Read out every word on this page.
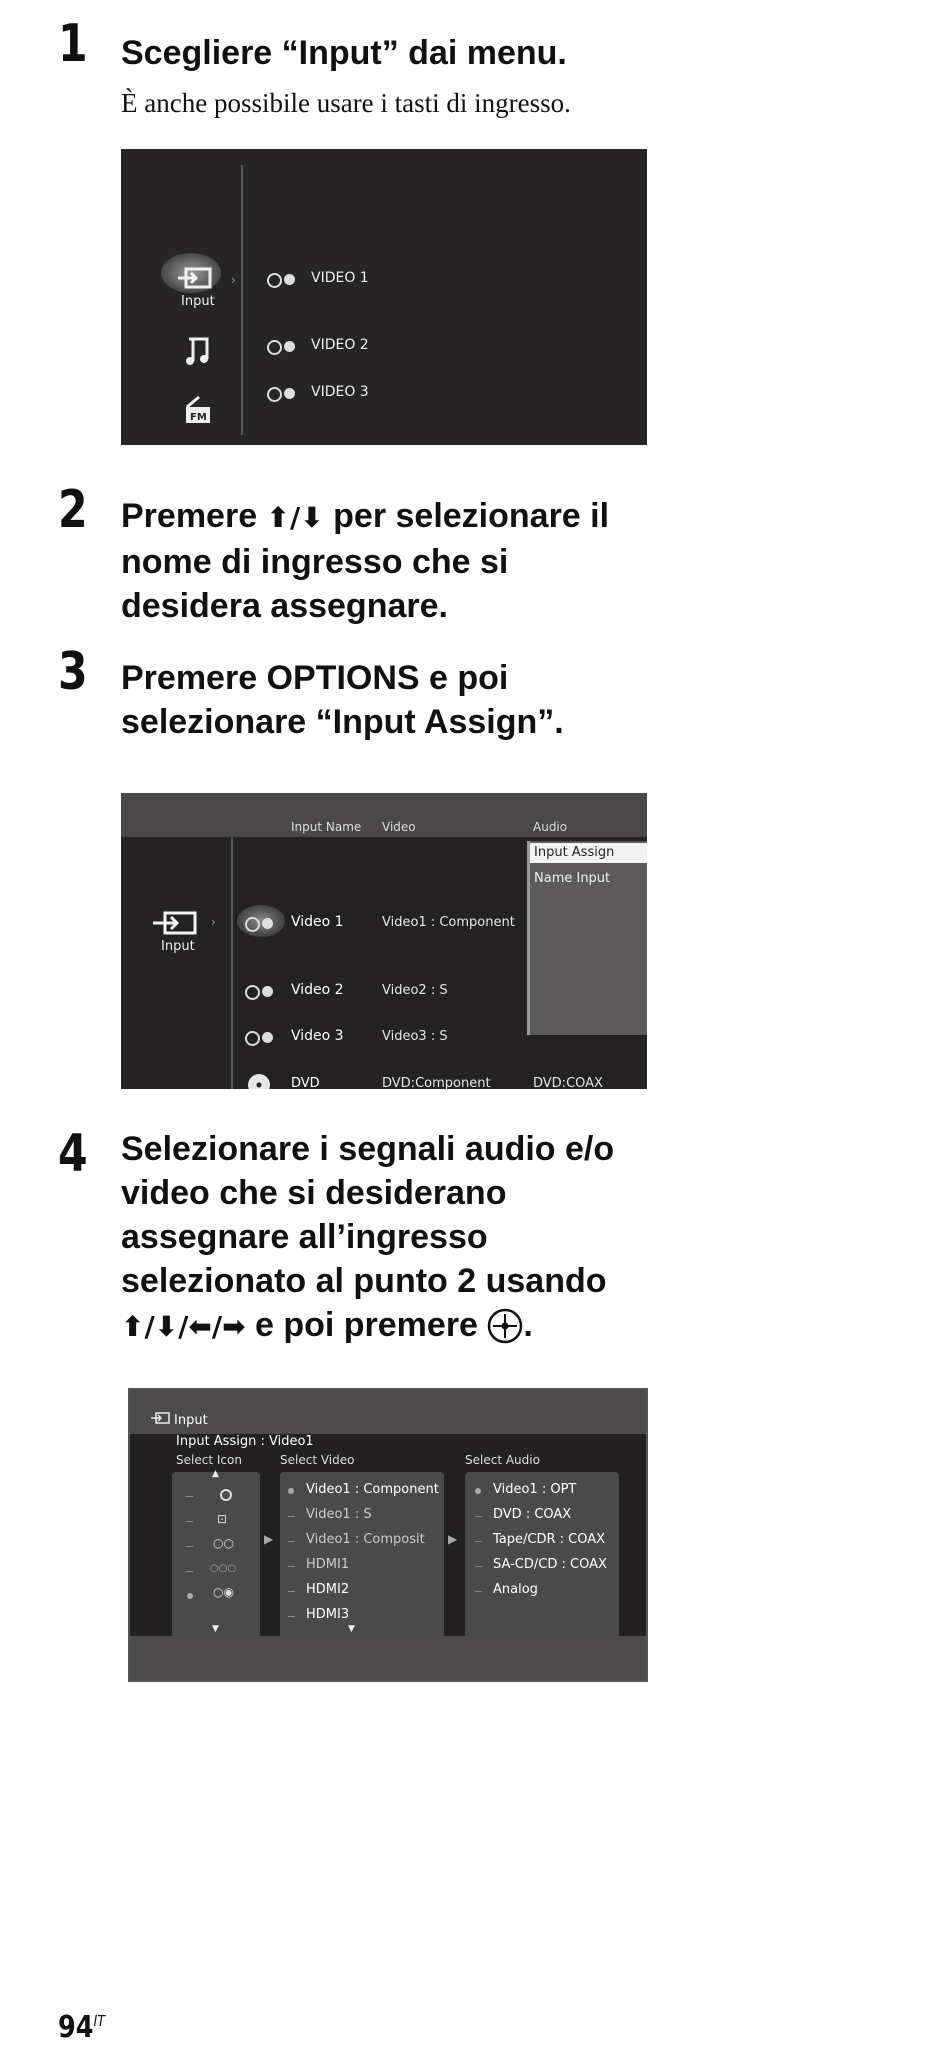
1 Scegliere “Input” dai menu.
È anche possibile usare i tasti di ingresso.
Input
›
FM
VIDEO 1
VIDEO 2
VIDEO 3
2 Premere ⬆/⬇ per selezionare il
nome di ingresso che si
desidera assegnare.
3 Premere OPTIONS e poi
selezionare “Input Assign”.
Input Name Video	Audio
Input
›	Video 1	Video1 : Component
Video 2	Video2 : S
Video 3	Video3 : S
DVD	DVD:Component	DVD:COAX
Input Assign
Name Input
4 Selezionare i segnali audio e/o
video che si desiderano
assegnare all’ingresso
selezionato al punto 2 usando
⬆/⬇/⬅/➡ e poi premere .
Input
Input Assign : Video1
Select Icon	Select Video	Select Audio
▲
⊡
○○
○○○
○◉
▼
▶
Video1 : Component
Video1 : S
Video1 : Composit
HDMI1
HDMI2
HDMI3
▼
▶
Video1 : OPT
DVD : COAX
Tape/CDR : COAX
SA-CD/CD : COAX
Analog
$94^{IT}$
